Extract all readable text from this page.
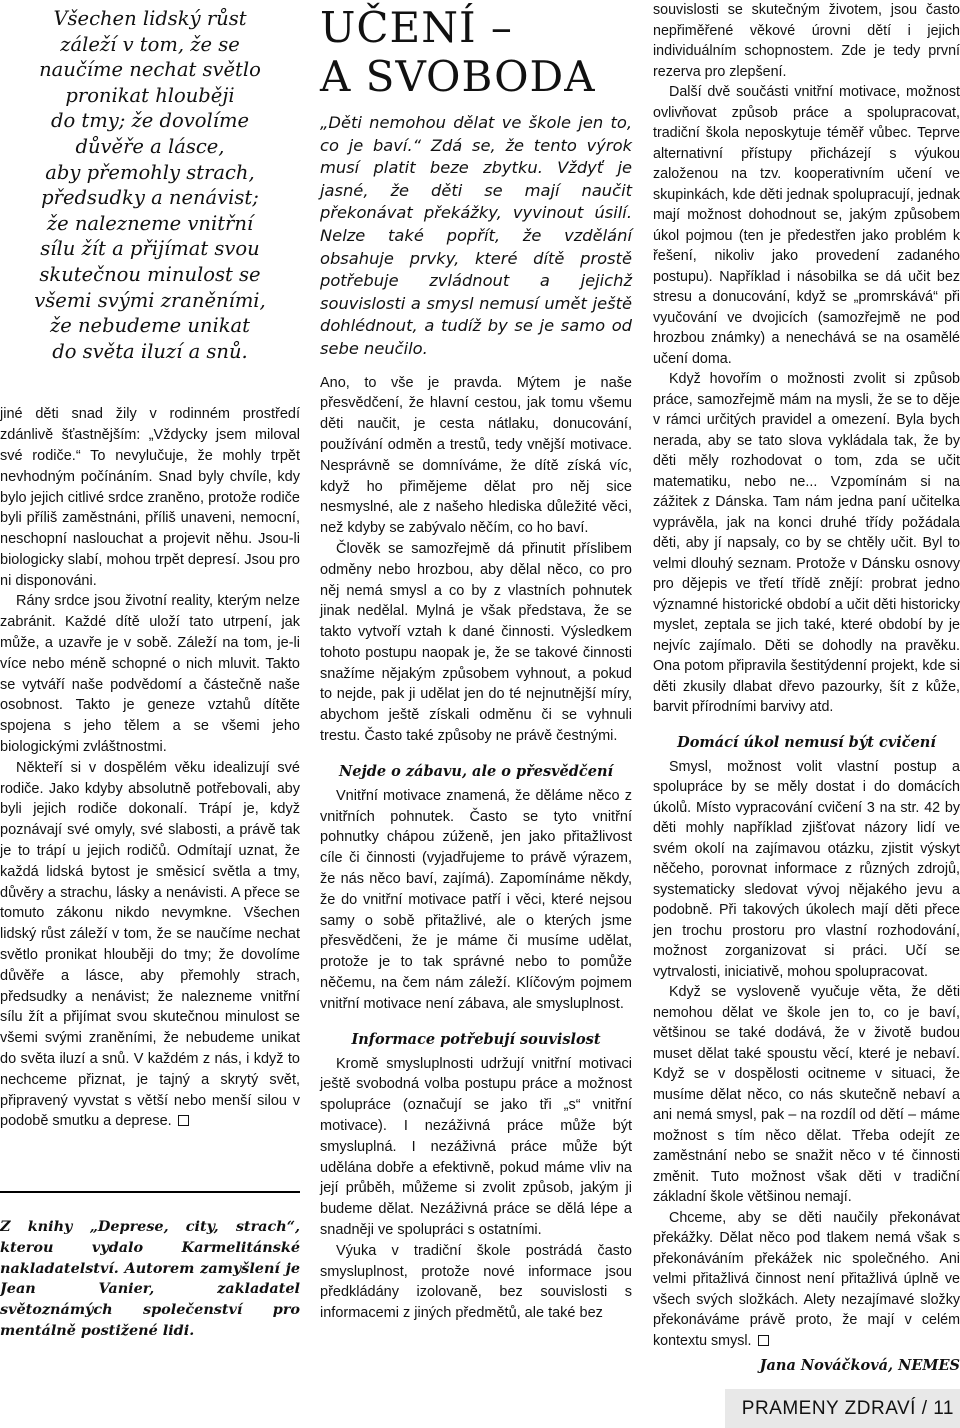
Všechen lidský růst
záleží v tom, že se
naučíme nechat světlo
pronikat hlouběji
do tmy; že dovolíme
důvěře a lásce,
aby přemohly strach,
předsudky a nenávist;
že nalezneme vnitřní
sílu žít a přijímat svou
skutečnou minulost se
všemi svými zraněními,
že nebudeme unikat
do světa iluzí a snů.

jiné děti snad žily v rodinném prostředí zdánlivě šťastnějším: „Vždycky jsem miloval své rodiče.“ To nevylučuje, že mohly trpět nevhodným počínáním. Snad byly chvíle, kdy bylo jejich citlivé srdce zraněno, protože rodiče byli příliš zaměstnáni, příliš unaveni, nemocní, neschopní naslouchat a projevit něhu. Jsou-li biologicky slabí, mohou trpět depresí. Jsou pro ni disponováni.

Rány srdce jsou životní reality, kterým nelze zabránit. Každé dítě uloží tato utrpení, jak může, a uzavře je v sobě. Záleží na tom, je-li více nebo méně schopné o nich mluvit. Takto se vytváří naše podvědomí a částečně naše osobnost. Takto je geneze vztahů dítěte spojena s jeho tělem a se všemi jeho biologickými zvláštnostmi.

Někteří si v dospělém věku idealizují své rodiče. Jako kdyby absolutně potřebovali, aby byli jejich rodiče dokonalí. Trápí je, když poznávají své omyly, své slabosti, a právě tak je to trápí u jejich rodičů. Odmítají uznat, že každá lidská bytost je směsicí světla a tmy, důvěry a strachu, lásky a nenávisti. A přece se tomuto zákonu nikdo nevymkne. Všechen lidský růst záleží v tom, že se naučíme nechat světlo pronikat hlouběji do tmy; že dovolíme důvěře a lásce, aby přemohly strach, předsudky a nenávist; že nalezneme vnitřní sílu žít a přijímat svou skutečnou minulost se všemi svými zraněními, že nebudeme unikat do světa iluzí a snů. V každém z nás, i když to nechceme přiznat, je tajný a skrytý svět, připravený vyvstat s větší nebo menší silou v podobě smutku a deprese.

Z knihy „Deprese, city, strach“, kterou vydalo Karmelitánské nakladatelství. Autorem zamyšlení je Jean Vanier, zakladatel světoznámých společenství pro mentálně postižené lidi.
UČENÍ –
A SVOBODA
„Děti nemohou dělat ve škole jen to, co je baví.“ Zdá se, že tento výrok musí platit beze zbytku. Vždyť je jasné, že děti se mají naučit překonávat překážky, vyvinout úsilí. Nelze také popřít, že vzdělání obsahuje prvky, které dítě prostě potřebuje zvládnout a jejichž souvislosti a smysl nemusí umět ještě dohlédnout, a tudíž by se je samo od sebe neučilo.

Ano, to vše je pravda. Mýtem je naše přesvědčení, že hlavní cestou, jak tomu všemu děti naučit, je cesta nátlaku, donucování, používání odměn a trestů, tedy vnější motivace. Nesprávně se domníváme, že dítě získá víc, když ho přimějeme dělat pro něj sice nesmyslné, ale z našeho hlediska důležité věci, než kdyby se zabývalo něčím, co ho baví.

Člověk se samozřejmě dá přinutit příslibem odměny nebo hrozbou, aby dělal něco, co pro něj nemá smysl a co by z vlastních pohnutek jinak nedělal. Mylná je však představa, že se takto vytvoří vztah k dané činnosti. Výsledkem tohoto postupu naopak je, že se takové činnosti snažíme nějakým způsobem vyhnout, a pokud to nejde, pak ji udělat jen do té nejnutnější míry, abychom ještě získali odměnu či se vyhnuli trestu. Často také způsoby ne právě čestnými.

Nejde o zábavu, ale o přesvědčení

Vnitřní motivace znamená, že děláme něco z vnitřních pohnutek. Často se tyto vnitřní pohnutky chápou zúženě, jen jako přitažlivost cíle či činnosti (vyjadřujeme to právě výrazem, že nás něco baví, zajímá). Zapomínáme někdy, že do vnitřní motivace patří i věci, které nejsou samy o sobě přitažlivé, ale o kterých jsme přesvědčeni, že je máme či musíme udělat, protože je to tak správné nebo to pomůže něčemu, na čem nám záleží. Klíčovým pojmem vnitřní motivace není zábava, ale smysluplnost.

Informace potřebují souvislost

Kromě smysluplnosti udržují vnitřní motivaci ještě svobodná volba postupu práce a možnost spolupráce (označují se jako tři „s“ vnitřní motivace). I nezáživná práce může být smysluplná. I nezáživná práce může být udělána dobře a efektivně, pokud máme vliv na její průběh, můžeme si zvolit způsob, jakým ji budeme dělat. Nezáživná práce se dělá lépe a snadněji ve spolupráci s ostatními.

Výuka v tradiční škole postrádá často smysluplnost, protože nové informace jsou předkládány izolovaně, bez souvislosti s informacemi z jiných předmětů, ale také bez

souvislosti se skutečným životem, jsou často nepřiměřené věkové úrovni dětí i jejich individuálním schopnostem. Zde je tedy první rezerva pro zlepšení.

Další dvě součásti vnitřní motivace, možnost ovlivňovat způsob práce a spolupracovat, tradiční škola neposkytuje téměř vůbec. Teprve alternativní přístupy přicházejí s výukou založenou na tzv. kooperativním učení ve skupinkách, kde děti jednak spolupracují, jednak mají možnost dohodnout se, jakým způsobem úkol pojmou (ten je předestřen jako problém k řešení, nikoliv jako provedení zadaného postupu). Například i násobilka se dá učit bez stresu a donucování, když se „promrskává“ při vyučování ve dvojicích (samozřejmě ne pod hrozbou známky) a nenechává se na osamělé učení doma.

Když hovořím o možnosti zvolit si způsob práce, samozřejmě mám na mysli, že se to děje v rámci určitých pravidel a omezení. Byla bych nerada, aby se tato slova vykládala tak, že by děti měly rozhodovat o tom, zda se učit matematiku, nebo ne... Vzpomínám si na zážitek z Dánska. Tam nám jedna paní učitelka vyprávěla, jak na konci druhé třídy požádala děti, aby jí napsaly, co by se chtěly učit. Byl to velmi dlouhý seznam. Protože v Dánsku osnovy pro dějepis ve třetí třídě znějí: probrat jedno významné historické období a učit děti historicky myslet, zeptala se jich také, které období by je nejvíc zajímalo. Děti se dohodly na pravěku. Ona potom připravila šestitýdenní projekt, kde si děti zkusily dlabat dřevo pazourky, šít z kůže, barvit přírodními barvivy atd.

Domácí úkol nemusí být cvičení

Smysl, možnost volit vlastní postup a spolupráce by se měly dostat i do domácích úkolů. Místo vypracování cvičení 3 na str. 42 by děti mohly například zjišťovat názory lidí ve svém okolí na zajímavou otázku, zjistit výskyt něčeho, porovnat informace z různých zdrojů, systematicky sledovat vývoj nějakého jevu a podobně. Při takových úkolech mají děti přece jen trochu prostoru pro vlastní rozhodování, možnost zorganizovat si práci. Učí se vytrvalosti, iniciativě, mohou spolupracovat.

Když se vysloveně vyučuje věta, že děti nemohou dělat ve škole jen to, co je baví, většinou se také dodává, že v životě budou muset dělat také spoustu věcí, které je nebaví. Když se v dospělosti ocitneme v situaci, že musíme dělat něco, co nás skutečně nebaví a ani nemá smysl, pak – na rozdíl od dětí – máme možnost s tím něco dělat. Třeba odejít ze zaměstnání nebo se snažit něco v té činnosti změnit. Tuto možnost však děti v tradiční základní škole většinou nemají.

Chceme, aby se děti naučily překonávat překážky. Dělat něco pod tlakem nemá však s překonáváním překážek nic společného. Ani velmi přitažlivá činnost není přitažlivá úplně ve všech svých složkách. Alety nezajímavé složky překonáváme právě proto, že mají v celém kontextu smysl.

Jana Nováčková, NEMES
PRAMENY ZDRAVÍ / 11
